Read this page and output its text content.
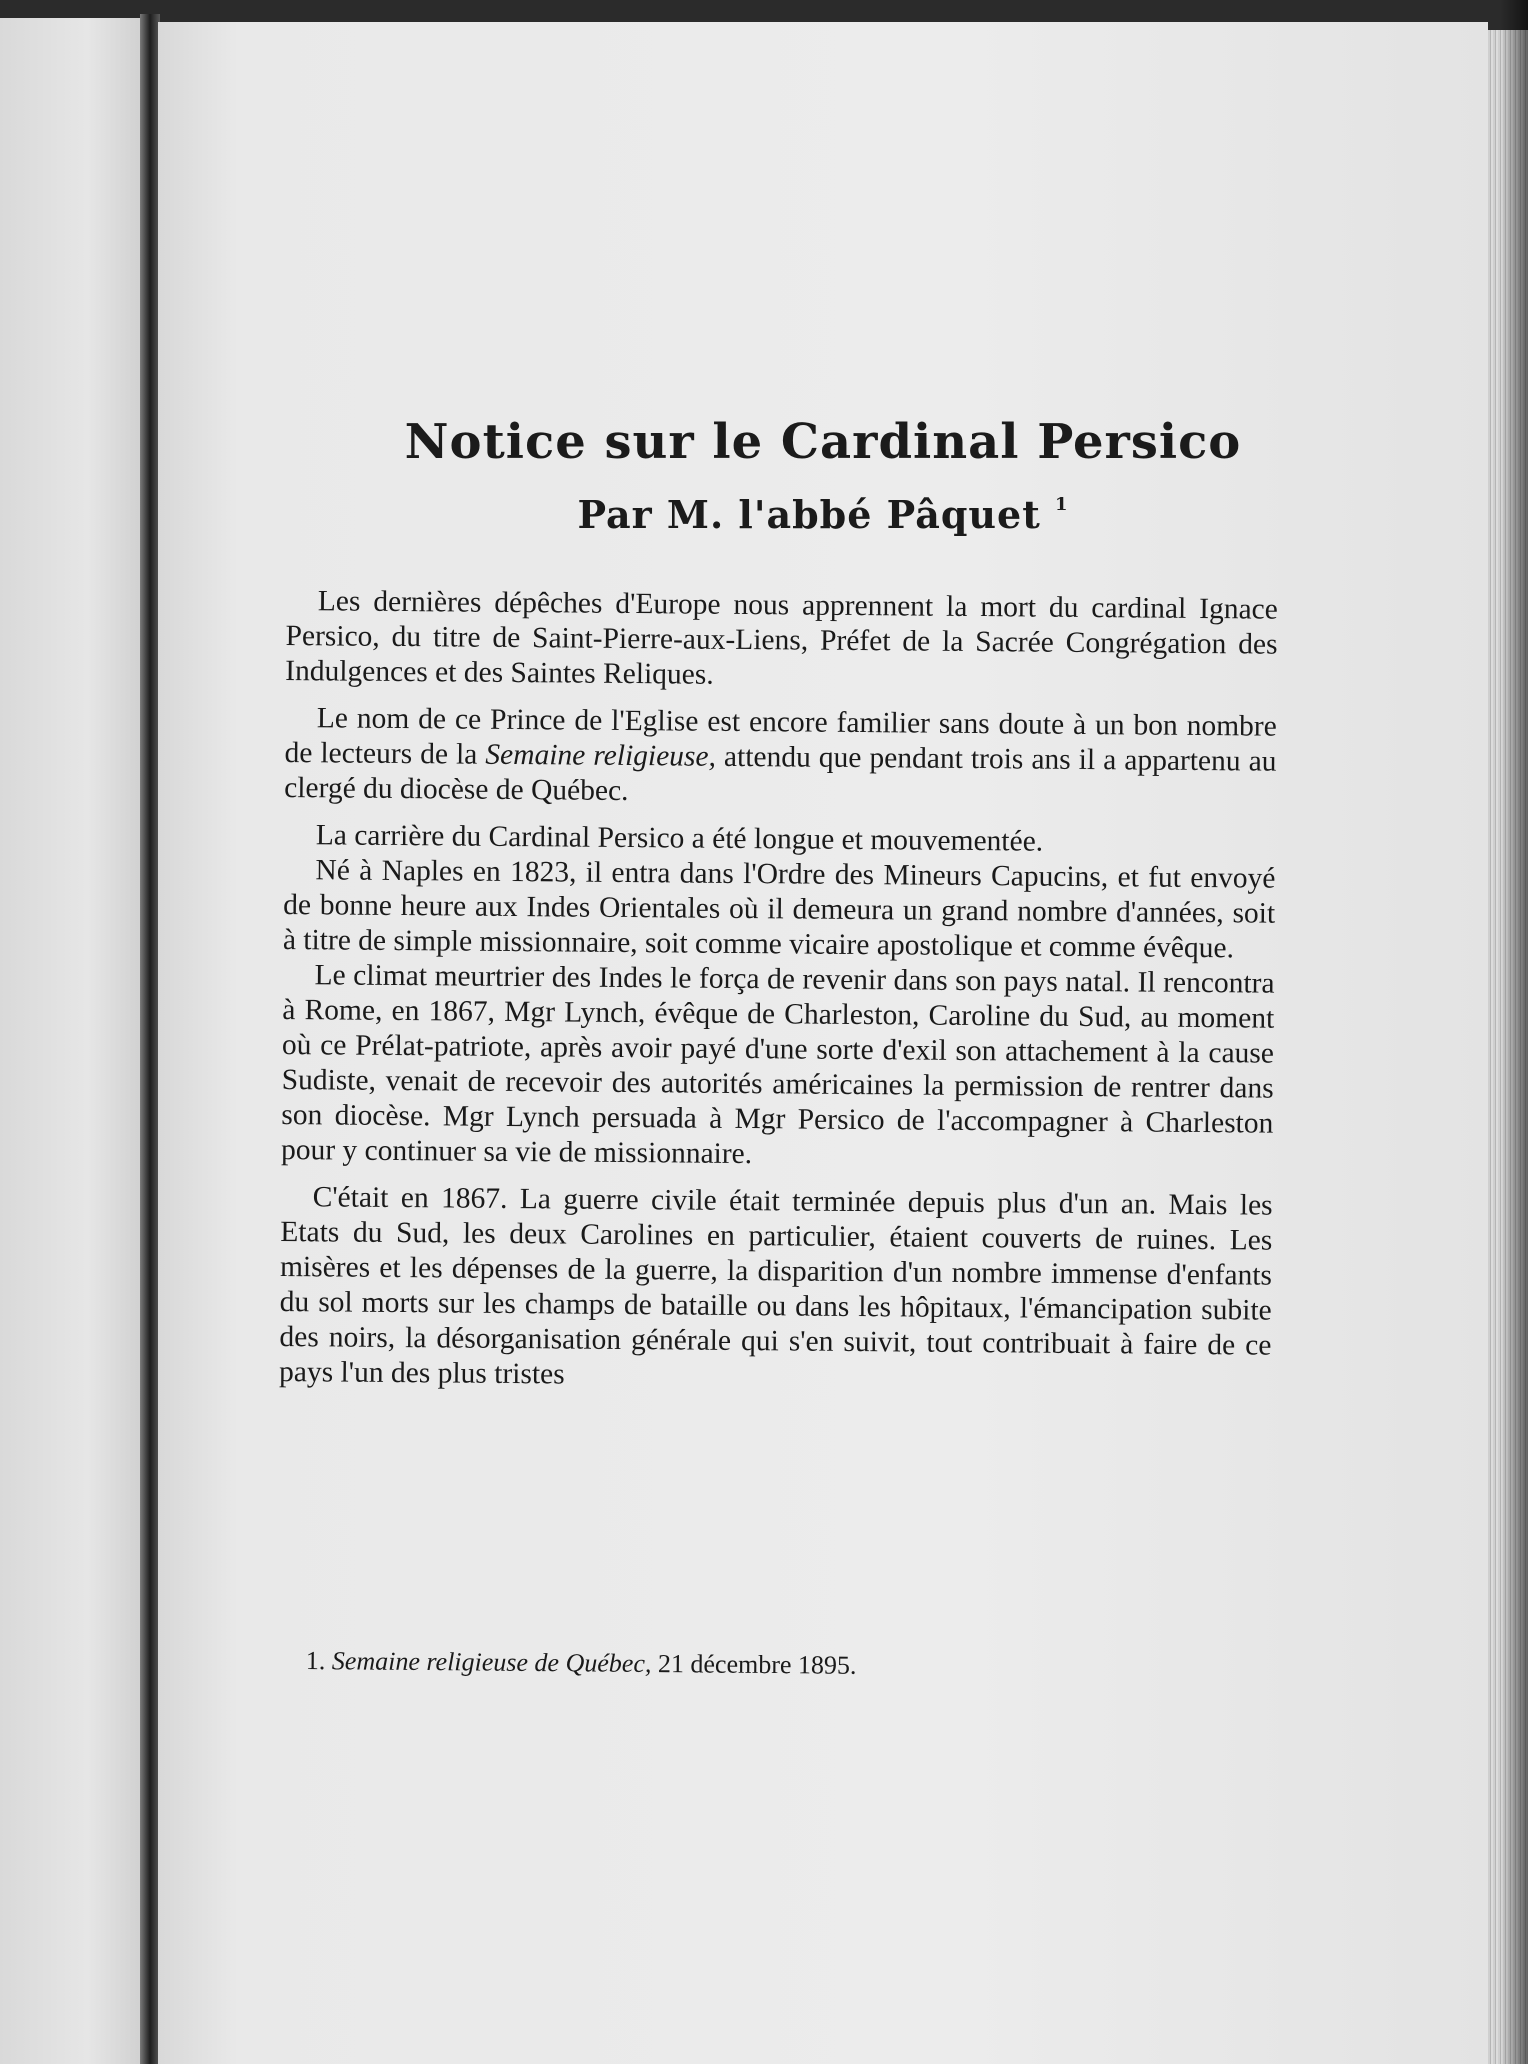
Notice sur le Cardinal Persico
Par M. l'abbé Pâquet $^1$

Les dernières dépêches d'Europe nous apprennent la mort du cardinal Ignace Persico, du titre de Saint-Pierre-aux-Liens, Préfet de la Sacrée Congrégation des Indulgences et des Saintes Reliques.

Le nom de ce Prince de l'Eglise est encore familier sans doute à un bon nombre de lecteurs de la Semaine religieuse, attendu que pendant trois ans il a appartenu au clergé du diocèse de Québec.

La carrière du Cardinal Persico a été longue et mouvementée.

Né à Naples en 1823, il entra dans l'Ordre des Mineurs Capucins, et fut envoyé de bonne heure aux Indes Orientales où il demeura un grand nombre d'années, soit à titre de simple missionnaire, soit comme vicaire apostolique et comme évêque.

Le climat meurtrier des Indes le força de revenir dans son pays natal. Il rencontra à Rome, en 1867, Mgr Lynch, évêque de Charleston, Caroline du Sud, au moment où ce Prélat-patriote, après avoir payé d'une sorte d'exil son attachement à la cause Sudiste, venait de recevoir des autorités américaines la permission de rentrer dans son diocèse. Mgr Lynch persuada à Mgr Persico de l'accompagner à Charleston pour y continuer sa vie de missionnaire.

C'était en 1867. La guerre civile était terminée depuis plus d'un an. Mais les Etats du Sud, les deux Carolines en particulier, étaient couverts de ruines. Les misères et les dépenses de la guerre, la disparition d'un nombre immense d'enfants du sol morts sur les champs de bataille ou dans les hôpitaux, l'émancipation subite des noirs, la désorganisation générale qui s'en suivit, tout contribuait à faire de ce pays l'un des plus tristes

1. Semaine religieuse de Québec, 21 décembre 1895.
